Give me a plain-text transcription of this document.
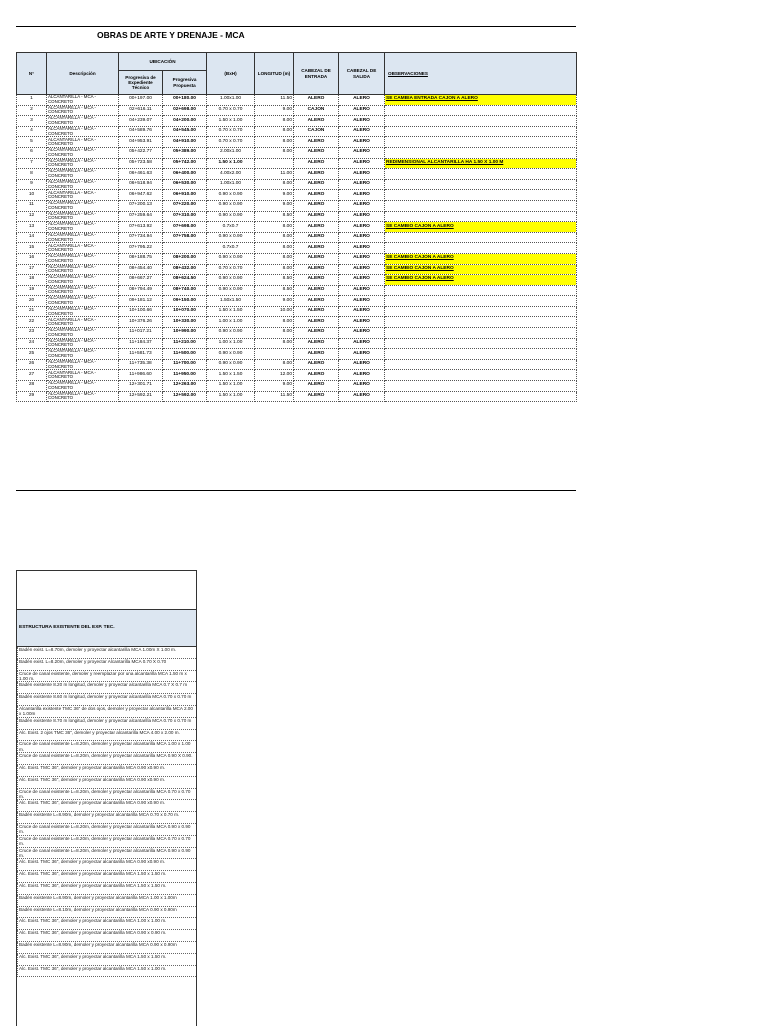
OBRAS DE ARTE Y DRENAJE - MCA
N°	Descripción	UBICACIÓN		(BxH)	LONGITUD (m)	CABEZAL DE ENTRADA	CABEZAL DE SALIDA	OBSERVACIONES
		Progresiva de Expediente Técnico	Progresiva Propuesta					
1	ALCANTARILLA - MCA - CONCRETO	00+197.00	00+180.00	1.00x1.00	11.50	ALERO	ALERO	SE CAMBIA ENTRADA CAJON A ALERO
2	ALCANTARILLA - MCA - CONCRETO	02+616.11	02+698.00	0.70 x 0.70	9.00	CAJON	ALERO	
3	ALCANTARILLA - MCA - CONCRETO	04+239.07	04+200.00	1.50 x 1.00	8.00	ALERO	ALERO	
4	ALCANTARILLA - MCA - CONCRETO	04+589.76	04+545.00	0.70 x 0.70	8.00	CAJON	ALERO	
5	ALCANTARILLA - MCA - CONCRETO	04+953.91	04+910.00	0.70 x 0.70	8.00	ALERO	ALERO	
6	ALCANTARILLA - MCA - CONCRETO	05+422.77	05+389.00	2.00x1.00	8.00	ALERO	ALERO	
7	ALCANTARILLA - MCA - CONCRETO	05+723.58	05+742.00	1.50 x 1.00		ALERO	ALERO	REDIMENSIONAL ALCANTARILLA HA 1.50 X 1.00 M
8	ALCANTARILLA - MCA - CONCRETO	06+461.63	06+400.00	4.00x2.00	11.00	ALERO	ALERO	
9	ALCANTARILLA - MCA - CONCRETO	06+518.94	06+530.00	1.00x1.00	8.00	ALERO	ALERO	
10	ALCANTARILLA - MCA - CONCRETO	06+947.62	06+910.00	0.90 x 0.90	9.00	ALERO	ALERO	
11	ALCANTARILLA - MCA - CONCRETO	07+200.13	07+220.00	0.90 x 0.90	9.00	ALERO	ALERO	
12	ALCANTARILLA - MCA - CONCRETO	07+259.64	07+310.00	0.90 x 0.90	8.50	ALERO	ALERO	
13	ALCANTARILLA - MCA - CONCRETO	07+613.92	07+698.00	0.7x0.7	8.00	ALERO	ALERO	SE CAMBIO CAJON A ALERO
14	ALCANTARILLA - MCA - CONCRETO	07+734.94	07+758.00	0.90 x 0.90	8.00	ALERO	ALERO	
15	ALCANTARILLA - MCA - CONCRETO	07+795.22		0.7x0.7	8.00	ALERO	ALERO	
16	ALCANTARILLA - MCA - CONCRETO	08+188.75	08+200.00	0.90 x 0.90	8.00	ALERO	ALERO	SE CAMBIO CAJON A ALERO
17	ALCANTARILLA - MCA - CONCRETO	08+454.40	08+432.00	0.70 x 0.70	8.00	ALERO	ALERO	SE CAMBIO CAJON A ALERO
18	ALCANTARILLA - MCA - CONCRETO	08+667.27	08+624.50	0.90 x 0.90	8.50	ALERO	ALERO	SE CAMBIO CAJON A ALERO
19	ALCANTARILLA - MCA - CONCRETO	08+794.49	08+740.00	0.90 x 0.90	8.50	ALERO	ALERO	
20	ALCANTARILLA - MCA - CONCRETO	09+181.12	09+150.00	1.50x1.50	9.00	ALERO	ALERO	
21	ALCANTARILLA - MCA - CONCRETO	10+100.66	10+070.00	1.50 x 1.50	10.00	ALERO	ALERO	
22	ALCANTARILLA - MCA - CONCRETO	10+376.26	10+330.00	1.00 x 1.00	8.00	ALERO	ALERO	
23	ALCANTARILLA - MCA - CONCRETO	11+017.21	10+990.00	0.90 x 0.90	8.00	ALERO	ALERO	
24	ALCANTARILLA - MCA - CONCRETO	11+184.37	11+210.00	1.00 x 1.00	8.00	ALERO	ALERO	
25	ALCANTARILLA - MCA - CONCRETO	11+581.73	11+500.00	0.90 x 0.90		ALERO	ALERO	
26	ALCANTARILLA - MCA - CONCRETO	11+735.38	11+700.00	0.90 x 0.90	8.00	ALERO	ALERO	
27	ALCANTARILLA - MCA - CONCRETO	11+986.60	11+950.00	1.50 x 1.50	12.00	ALERO	ALERO	
28	ALCANTARILLA - MCA - CONCRETO	12+301.71	12+263.00	1.50 x 1.00	9.00	ALERO	ALERO	
29	ALCANTARILLA - MCA - CONCRETO	12+592.21	12+592.00	1.50 x 1.00	11.50	ALERO	ALERO	
ESTRUCTURA EXISTENTE DEL EXP. TEC.
Badén exist. L=8.70m, demoler y proyectar alcantarilla MCA 1.00m X 1.00 m.
Badén exist. L=8.20m, demoler y proyectar Alcantarilla MCA 0.70 X 0.70
Cruce de canal existente, demoler y reemplazar por una alcantarilla MCA 1.50 m x 1.00 m.
Badén existente 8.20 m longitud, demoler y proyectar alcantarilla MCA 0.7 X 0.7 m
Badén existente 8.60 m longitud, demoler y proyectar alcantarilla MCA 0.70 x 0.70 m
Alcantarilla existente TMC 36" de dos ojos, demoler y proyectar alcantarilla MCA 2.00 x 1.00m
Badén existente 8.70 m longitud, demoler y proyectar alcantarilla MCA 0.70 x 0.70 m
Alc. Exist. 2 ojos TMC 36", demoler y proyectar alcantarilla MCA 4.00 x 2.00 m.
Cruce de canal existente L=8.20m, demoler y proyectar alcantarilla MCA 1.00 x 1.00 m.
Cruce de canal existente L=8.20m, demoler y proyectar alcantarilla MCA 0.90 X 0.90.
Alc. Exist. TMC 36", demoler y proyectar alcantarilla MCA 0.90 x0.90 m.
Alc. Exist. TMC 36", demoler y proyectar alcantarilla MCA 0.90 x0.90 m.
Cruce de canal existente L=8.20m, demoler y proyectar alcantarilla MCA 0.70 x 0.70 m.
Alc. Exist. TMC 36", demoler y proyectar alcantarilla MCA 0.90 x0.90 m.
Badén existente L=8.90m, demoler y proyectar alcantarilla MCA 0.70 x 0.70 m.
Cruce de canal existente L=8.20m, demoler y proyectar alcantarilla MCA 0.90 x 0.90 m.
Cruce de canal existente L=8.20m, demoler y proyectar alcantarilla MCA 0.70 x 0.70 m.
Cruce de canal existente L=8.20m, demoler y proyectar alcantarilla MCA 0.90 x 0.90 m.
Alc. Exist. TMC 36", demoler y proyectar alcantarilla MCA 0.90 x0.90 m.
Alc. Exist. TMC 36", demoler y proyectar alcantarilla MCA 1.50 x 1.50 m.
Alc. Exist. TMC 36", demoler y proyectar alcantarilla MCA 1.50 x 1.50 m.
Badén existente L=8.90m, demoler y proyectar alcantarilla MCA 1.00 x 1.00m
Badén existente L=8.10m, demoler y proyectar alcantarilla MCA 0.90 x 0.90m
Alc. Exist. TMC 36", demoler y proyectar alcantarilla MCA 1.00 x 1.00 m.
Alc. Exist. TMC 36", demoler y proyectar alcantarilla MCA 0.90 x 0.90 m.
Badén existente L=8.90m, demoler y proyectar alcantarilla MCA 0.90 x 0.90m
Alc. Exist. TMC 36", demoler y proyectar alcantarilla MCA 1.50 x 1.50 m.
Alc. Exist. TMC 36", demoler y proyectar alcantarilla MCA 1.50 x 1.00 m.
